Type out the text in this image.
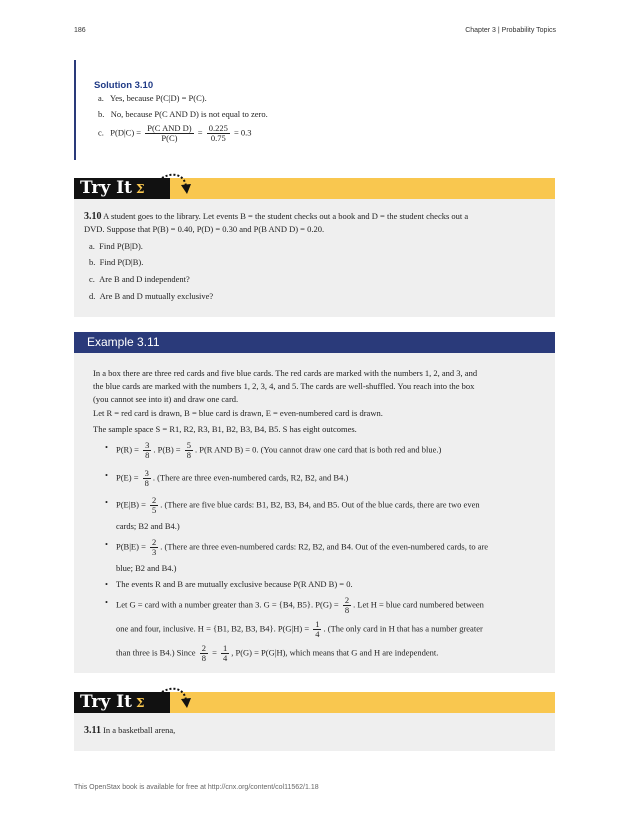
186	Chapter 3 | Probability Topics
Solution 3.10
a. Yes, because P(C|D) = P(C).
b. No, because P(C AND D) is not equal to zero.
c. $P(D|C) = \frac{\text{P(C AND D)}}{P(C)} = \frac{0.225}{0.75} = 0.3$
Try It Σ
3.10 A student goes to the library. Let events B = the student checks out a book and D = the student checks out a
DVD. Suppose that P(B) = 0.40, P(D) = 0.30 and P(B AND D) = 0.20.
a. Find P(B|D).
b. Find P(D|B).
c. Are B and D independent?
d. Are B and D mutually exclusive?
Example 3.11
In a box there are three red cards and five blue cards. The red cards are marked with the numbers 1, 2, and 3, and
the blue cards are marked with the numbers 1, 2, 3, 4, and 5. The cards are well-shuffled. You reach into the box
(you cannot see into it) and draw one card.
Let R = red card is drawn, B = blue card is drawn, E = even-numbered card is drawn.
The sample space S = R1, R2, R3, B1, B2, B3, B4, B5. S has eight outcomes.
• $P(R) = \frac{3}{8}$ . $P(B) = \frac{5}{8}$ . P(R AND B) = 0. (You cannot draw one card that is both red and blue.)
• $P(E) = \frac{3}{8}$ . (There are three even-numbered cards, R2, B2, and B4.)
• $P(E|B) = \frac{2}{5}$ . (There are five blue cards: B1, B2, B3, B4, and B5. Out of the blue cards, there are two even
cards; B2 and B4.)
• $P(B|E) = \frac{2}{3}$ . (There are three even-numbered cards: R2, B2, and B4. Out of the even-numbered cards, to are
blue; B2 and B4.)
• The events R and B are mutually exclusive because P(R AND B) = 0.
• Let G = card with a number greater than 3. G = {B4, B5}. $P(G) = \frac{2}{8}$ . Let H = blue card numbered between
one and four, inclusive. H = {B1, B2, B3, B4}. $P(G|H) = \frac{1}{4}$ . (The only card in H that has a number greater
than three is B4.) Since $\frac{2}{8} = \frac{1}{4}$ , P(G) = P(G|H), which means that G and H are independent.
Try It Σ
3.11 In a basketball arena,
This OpenStax book is available for free at http://cnx.org/content/col11562/1.18
